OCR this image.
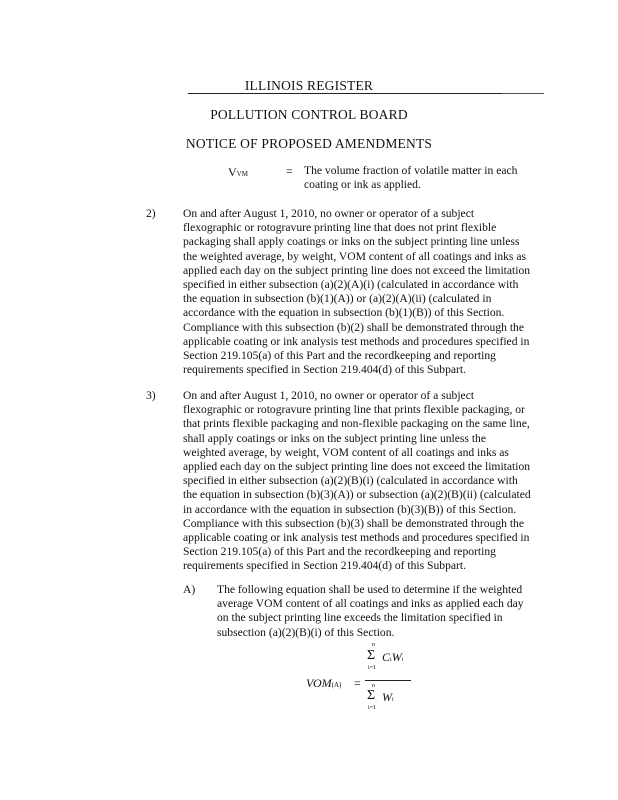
ILLINOIS REGISTER
POLLUTION CONTROL BOARD
NOTICE OF PROPOSED AMENDMENTS
VVM	= The volume fraction of volatile matter in each
coating or ink as applied.
2) On and after August 1, 2010, no owner or operator of a subject
flexographic or rotogravure printing line that does not print flexible
packaging shall apply coatings or inks on the subject printing line unless
the weighted average, by weight, VOM content of all coatings and inks as
applied each day on the subject printing line does not exceed the limitation
specified in either subsection (a)(2)(A)(i) (calculated in accordance with
the equation in subsection (b)(1)(A)) or (a)(2)(A)(ii) (calculated in
accordance with the equation in subsection (b)(1)(B)) of this Section.
Compliance with this subsection (b)(2) shall be demonstrated through the
applicable coating or ink analysis test methods and procedures specified in
Section 219.105(a) of this Part and the recordkeeping and reporting
requirements specified in Section 219.404(d) of this Subpart.
3) On and after August 1, 2010, no owner or operator of a subject
flexographic or rotogravure printing line that prints flexible packaging, or
that prints flexible packaging and non-flexible packaging on the same line,
shall apply coatings or inks on the subject printing line unless the
weighted average, by weight, VOM content of all coatings and inks as
applied each day on the subject printing line does not exceed the limitation
specified in either subsection (a)(2)(B)(i) (calculated in accordance with
the equation in subsection (b)(3)(A)) or subsection (a)(2)(B)(ii) (calculated
in accordance with the equation in subsection (b)(3)(B)) of this Section.
Compliance with this subsection (b)(3) shall be demonstrated through the
applicable coating or ink analysis test methods and procedures specified in
Section 219.105(a) of this Part and the recordkeeping and reporting
requirements specified in Section 219.404(d) of this Subpart.
A) The following equation shall be used to determine if the weighted
average VOM content of all coatings and inks as applied each day
on the subject printing line exceeds the limitation specified in
subsection (a)(2)(B)(i) of this Section.
VOM(A) =
n
Σ
i=1
CiWi
n
Σ
i=1
Wi
